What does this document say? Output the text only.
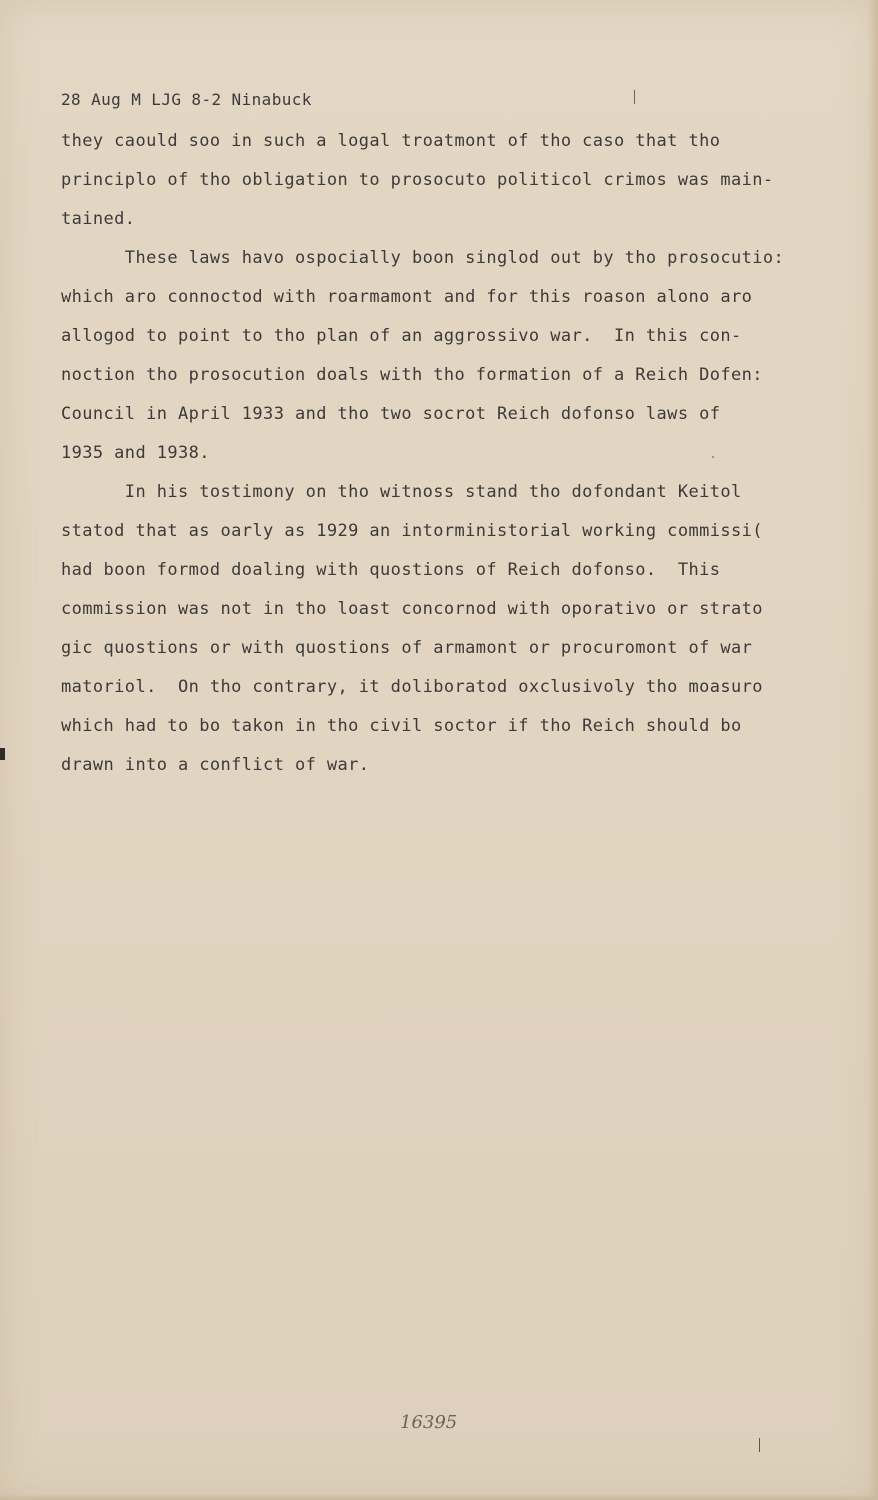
28 Aug M LJG 8-2 Ninabuck
they caould soo in such a logal troatmont of tho caso that tho
principlo of tho obligation to prosocuto politicol crimos was main-
tained.
These laws havo ospocially boon singlod out by tho prosocutio:
which aro connoctod with roarmamont and for this roason alono aro
allogod to point to tho plan of an aggrossivo war.  In this con-
noction tho prosocution doals with tho formation of a Reich Dofen:
Council in April 1933 and tho two socrot Reich dofonso laws of
1935 and 1938.
In his tostimony on tho witnoss stand tho dofondant Keitol
statod that as oarly as 1929 an intorministorial working commissi(
had boon formod doaling with quostions of Reich dofonso.  This
commission was not in tho loast concornod with oporativo or strato
gic quostions or with quostions of armamont or procuromont of war
matoriol.  On tho contrary, it doliboratod oxclusivoly tho moasuro
which had to bo takon in tho civil soctor if tho Reich should bo
drawn into a conflict of war.
16395
